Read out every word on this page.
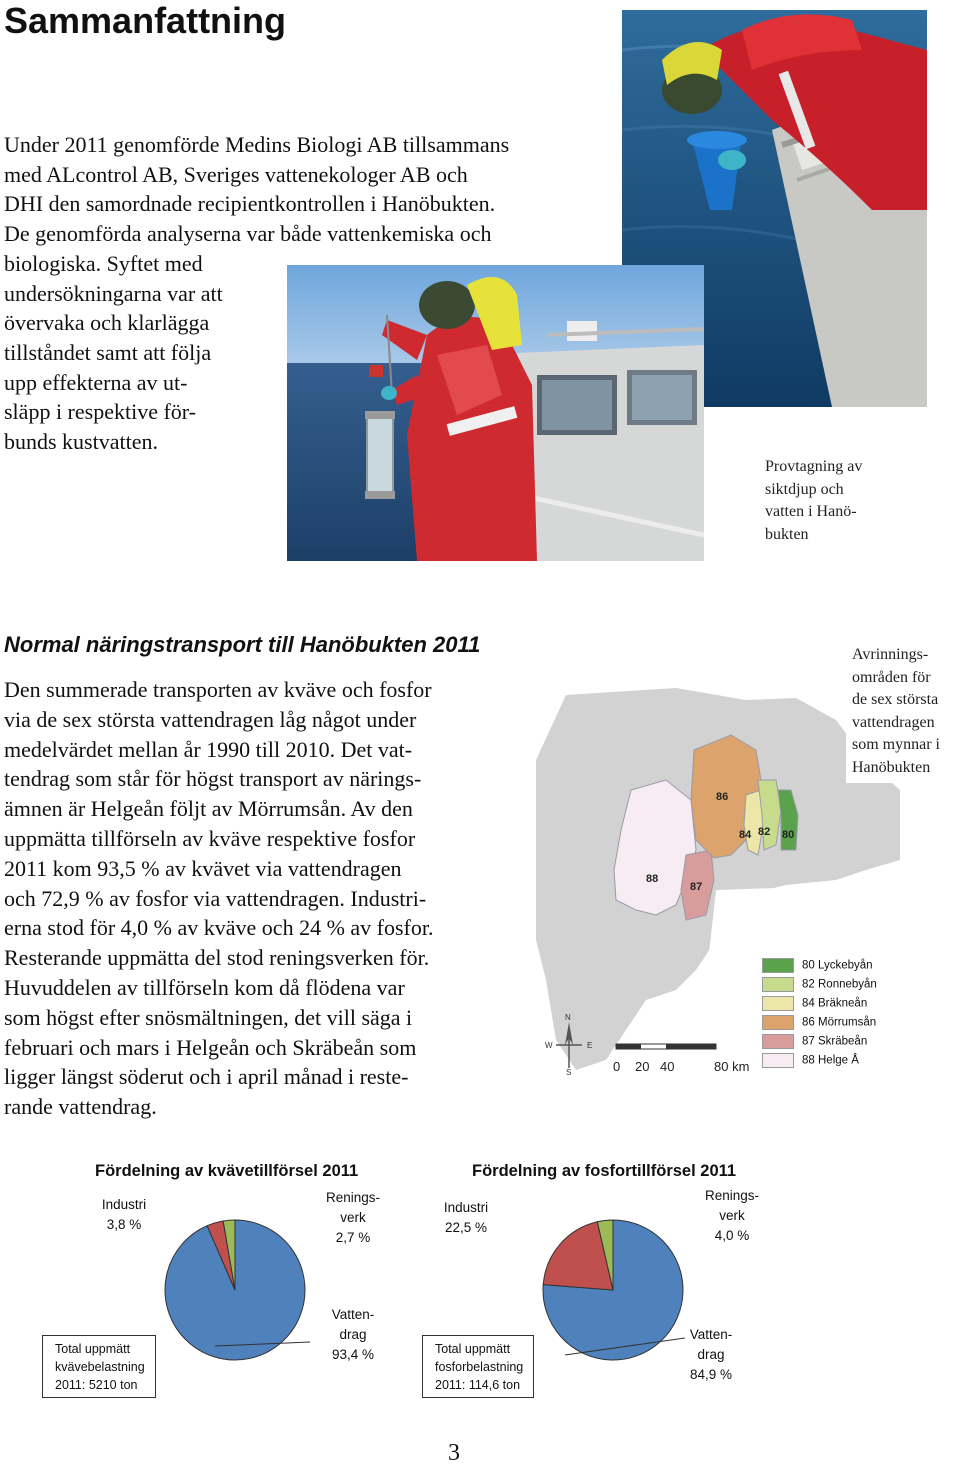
Sammanfattning
Under 2011 genomförde Medins Biologi AB tillsammans
med ALcontrol AB, Sveriges vattenekologer AB och
DHI den samordnade recipientkontrollen i Hanöbukten.
De genomförda analyserna var både vattenkemiska och
biologiska. Syftet med
undersökningarna var att
övervaka och klarlägga
tillståndet samt att följa
upp effekterna av ut-
släpp i respektive för-
bunds kustvatten.
Provtagning av
siktdjup och
vatten i Hanö-
bukten
Normal näringstransport till Hanöbukten 2011
Den summerade transporten av kväve och fosfor
via de sex största vattendragen låg något under
medelvärdet mellan år 1990 till 2010. Det vat-
tendrag som står för högst transport av närings-
ämnen är Helgeån följt av Mörrumsån. Av den
uppmätta tillförseln av kväve respektive fosfor
2011 kom 93,5 % av kvävet via vattendragen
och 72,9 % av fosfor via vattendragen. Industri-
erna stod för 4,0 % av kväve och 24 % av fosfor.
Resterande uppmätta del stod reningsverken för.
Huvuddelen av tillförseln kom då flödena var
som högst efter snösmältningen, det vill säga i
februari och mars i Helgeån och Skräbeån som
ligger längst söderut och i april månad i reste-
rande vattendrag.
86
84 82 80
88
87
N
W	E
S	0 20 40	80 km
80 Lyckebyån
82 Ronnebyån
84 Bräkneån
86 Mörrumsån
87 Skräbeån
88 Helge Å
Avrinnings-
områden för
de sex största
vattendragen
som mynnar i
Hanöbukten
Fördelning av kvävetillförsel 2011
Industri
3,8 %
Renings-
verk
2,7 %
Vatten-
drag
93,4 %
Total uppmätt
kvävebelastning
2011: 5210 ton
Fördelning av fosfortillförsel 2011
Industri
22,5 %
Renings-
verk
4,0 %
Vatten-
drag
84,9 %
Total uppmätt
fosforbelastning
2011: 114,6 ton
3
